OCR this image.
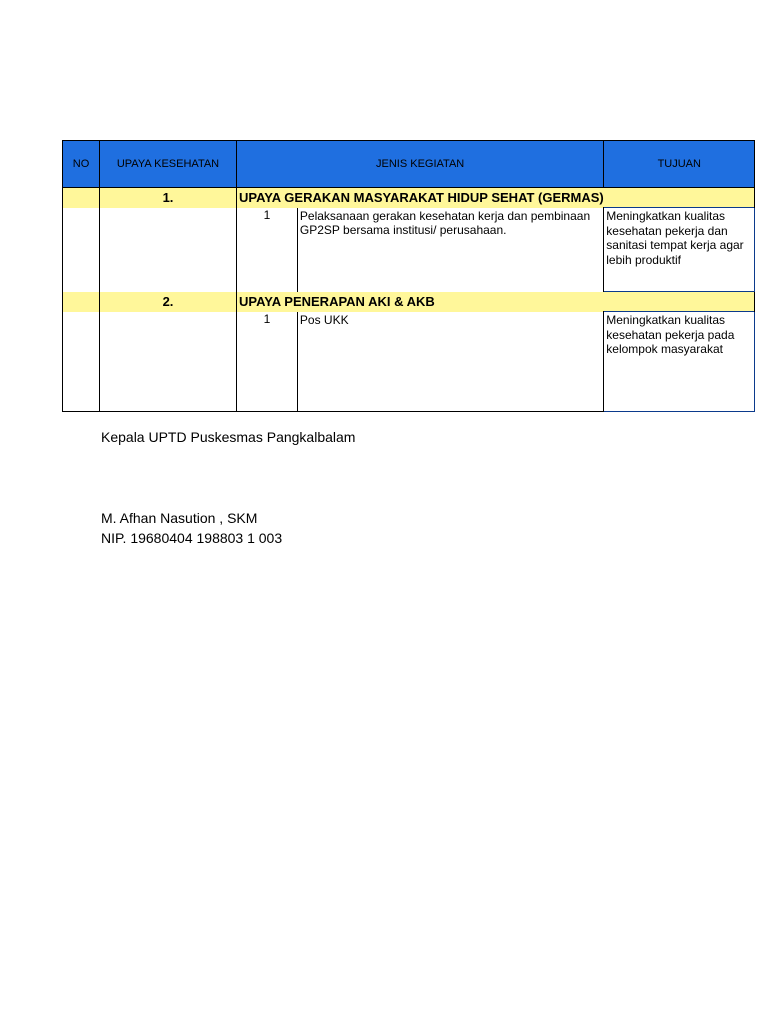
NO	UPAYA KESEHATAN	JENIS KEGIATAN		TUJUAN
	1.	UPAYA GERAKAN MASYARAKAT HIDUP SEHAT (GERMAS)		
		1	Pelaksanaan gerakan kesehatan kerja dan pembinaan GP2SP bersama institusi/ perusahaan.	Meningkatkan kualitas kesehatan pekerja dan sanitasi tempat kerja agar lebih produktif
	2.	UPAYA PENERAPAN AKI & AKB		
		1	Pos UKK	Meningkatkan kualitas kesehatan pekerja pada kelompok masyarakat
Kepala UPTD Puskesmas Pangkalbalam
M. Afhan Nasution , SKM
NIP. 19680404 198803 1 003
